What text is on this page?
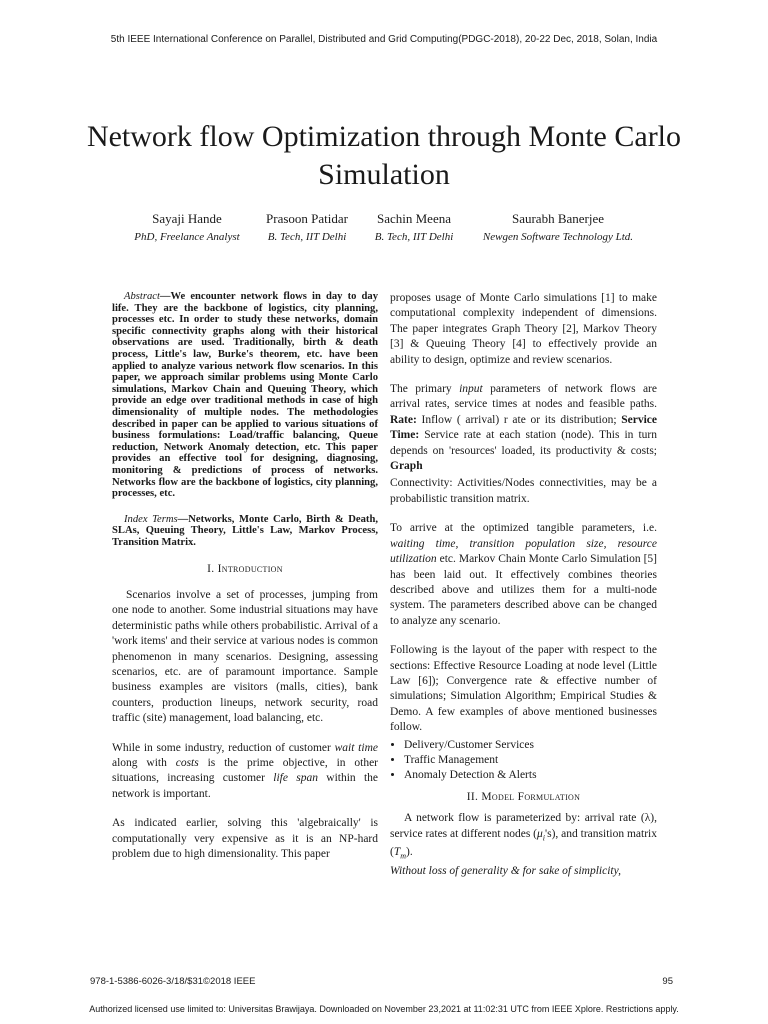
5th IEEE International Conference on Parallel, Distributed and Grid Computing(PDGC-2018), 20-22 Dec, 2018, Solan, India
Network flow Optimization through Monte Carlo Simulation
Sayaji Hande
PhD, Freelance Analyst
Prasoon Patidar
B. Tech, IIT Delhi
Sachin Meena
B. Tech, IIT Delhi
Saurabh Banerjee
Newgen Software Technology Ltd.

Abstract—We encounter network flows in day to day life. They are the backbone of logistics, city planning, processes etc. In order to study these networks, domain specific connectivity graphs along with their historical observations are used. Traditionally, birth & death process, Little's law, Burke's theorem, etc. have been applied to analyze various network flow scenarios. In this paper, we approach similar problems using Monte Carlo simulations, Markov Chain and Queuing Theory, which provide an edge over traditional methods in case of high dimensionality of multiple nodes. The methodologies described in paper can be applied to various situations of business formulations: Load/traffic balancing, Queue reduction, Network Anomaly detection, etc. This paper provides an effective tool for designing, diagnosing, monitoring & predictions of process of networks. Networks flow are the backbone of logistics, city planning, processes, etc.

Index Terms—Networks, Monte Carlo, Birth & Death, SLAs, Queuing Theory, Little's Law, Markov Process, Transition Matrix.

I. Introduction

Scenarios involve a set of processes, jumping from one node to another. Some industrial situations may have deterministic paths while others probabilistic. Arrival of a 'work items' and their service at various nodes is common phenomenon in many scenarios. Designing, assessing scenarios, etc. are of paramount importance. Sample business examples are visitors (malls, cities), bank counters, production lineups, network security, road traffic (site) management, load balancing, etc.

While in some industry, reduction of customer wait time along with costs is the prime objective, in other situations, increasing customer life span within the network is important.

As indicated earlier, solving this 'algebraically' is computationally very expensive as it is an NP-hard problem due to high dimensionality. This paper

proposes usage of Monte Carlo simulations [1] to make computational complexity independent of dimensions. The paper integrates Graph Theory [2], Markov Theory [3] & Queuing Theory [4] to effectively provide an ability to design, optimize and review scenarios.

The primary input parameters of network flows are arrival rates, service times at nodes and feasible paths. Rate: Inflow ( arrival) r ate or its distribution; Service Time: Service rate at each station (node). This in turn depends on 'resources' loaded, its productivity & costs; Graph

Connectivity: Activities/Nodes connectivities, may be a probabilistic transition matrix.

To arrive at the optimized tangible parameters, i.e. waiting time, transition population size, resource utilization etc. Markov Chain Monte Carlo Simulation [5] has been laid out. It effectively combines theories described above and utilizes them for a multi-node system. The parameters described above can be changed to analyze any scenario.

Following is the layout of the paper with respect to the sections: Effective Resource Loading at node level (Little Law [6]); Convergence rate & effective number of simulations; Simulation Algorithm; Empirical Studies & Demo. A few examples of above mentioned businesses follow.

• Delivery/Customer Services
• Traffic Management
• Anomaly Detection & Alerts
II. Model Formulation

A network flow is parameterized by: arrival rate (λ), service rates at different nodes $(\mu_i's)$, and transition matrix $(T_m)$.

Without loss of generality & for sake of simplicity,

978-1-5386-6026-3/18/$31©2018 IEEE	95
Authorized licensed use limited to: Universitas Brawijaya. Downloaded on November 23,2021 at 11:02:31 UTC from IEEE Xplore. Restrictions apply.
